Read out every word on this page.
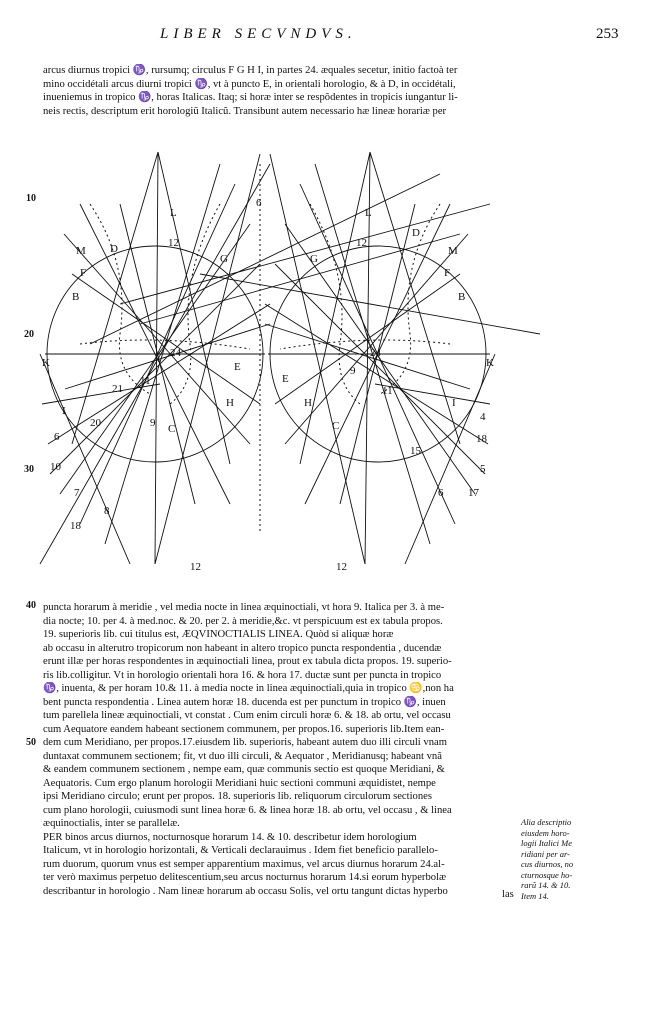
LIBER SECVNDVS.	253
arcus diurnus tropici ♑, rursumq; circulus F G H I, in partes 24. æquales secetur, initio factoà ter
mino occidétali arcus diurni tropici ♑, vt à puncto E, in orientali horologio, & à D, in occidétali,
inueniemus in tropico ♑, horas Italicas. Itaq; si horæ inter se respõdentes in tropicis iungantur li-
neis rectis, descriptum erit horologiũ Italicũ. Transibunt autem necessario hæ lineæ horariæ per
10
20
30
40
50
L
M D
F
B
K
12
G
E
H
C
I
6
10
7
8
18
12
21
20	9
11
24
L
M
D
F
B
K
12
G
E
H
C
I
4
18
5
6 17
15
12
24
9
11
6
puncta horarum à meridie , vel media nocte in linea æquinoctiali, vt hora 9. Italica per 3. à me-
dia nocte; 10. per 4. à med.noc. & 20. per 2. à meridie,&c. vt perspicuum est ex tabula propos.
19. superioris lib. cui titulus est, ÆQVINOCTIALIS LINEA. Quòd si aliquæ horæ
ab occasu in alterutro tropicorum non habeant in altero tropico puncta respondentia , ducendæ
erunt illæ per horas respondentes in æquinoctiali linea, prout ex tabula dicta propos. 19. superio-
ris lib.colligitur. Vt in horologio orientali hora 16. & hora 17. ductæ sunt per puncta in tropico
♑, inuenta, & per horam 10.& 11. à media nocte in linea æquinoctiali,quia in tropico ♋,non ha
bent puncta respondentia . Linea autem horæ 18. ducenda est per punctum in tropico ♑, inuen
tum parellela lineæ æquinoctiali, vt constat . Cum enim circuli horæ 6. & 18. ab ortu, vel occasu
cum Aequatore eandem habeant sectionem communem, per propos.16. superioris lib.Item ean-
dem cum Meridiano, per propos.17.eiusdem lib. superioris, habeant autem duo illi circuli vnam
duntaxat communem sectionem; fit, vt duo illi circuli, & Aequator , Meridianusq; habeant vnã
& eandem communem sectionem , nempe eam, quæ communis sectio est quoque Meridiani, &
Aequatoris. Cum ergo planum horologii Meridiani huic sectioni communi æquidistet, nempe
ipsi Meridiano circulo; erunt per propos. 18. superioris lib. reliquorum circulorum sectiones
cum plano horologii, cuiusmodi sunt linea horæ 6. & linea horæ 18. ab ortu, vel occasu , & linea
æquinoctialis, inter se parallelæ.
PER binos arcus diurnos, nocturnosque horarum 14. & 10. describetur idem horologium
Italicum, vt in horologio horizontali, & Verticali declarauimus . Idem fiet beneficio parallelo-
rum duorum, quorum vnus est semper apparentium maximus, vel arcus diurnus horarum 24.al-
ter verò maximus perpetuo delitescentium,seu arcus nocturnus horarum 14.si eorum hyperbolæ
describantur in horologio . Nam lineæ horarum ab occasu Solis, vel ortu tangunt dictas hyperbo
Alia descriptio
eiusdem horo-
logii Italici Me
ridiani per ar-
cus diurnos, no
cturnosque ho-
rarũ 14. & 10.
Item 14.
las
